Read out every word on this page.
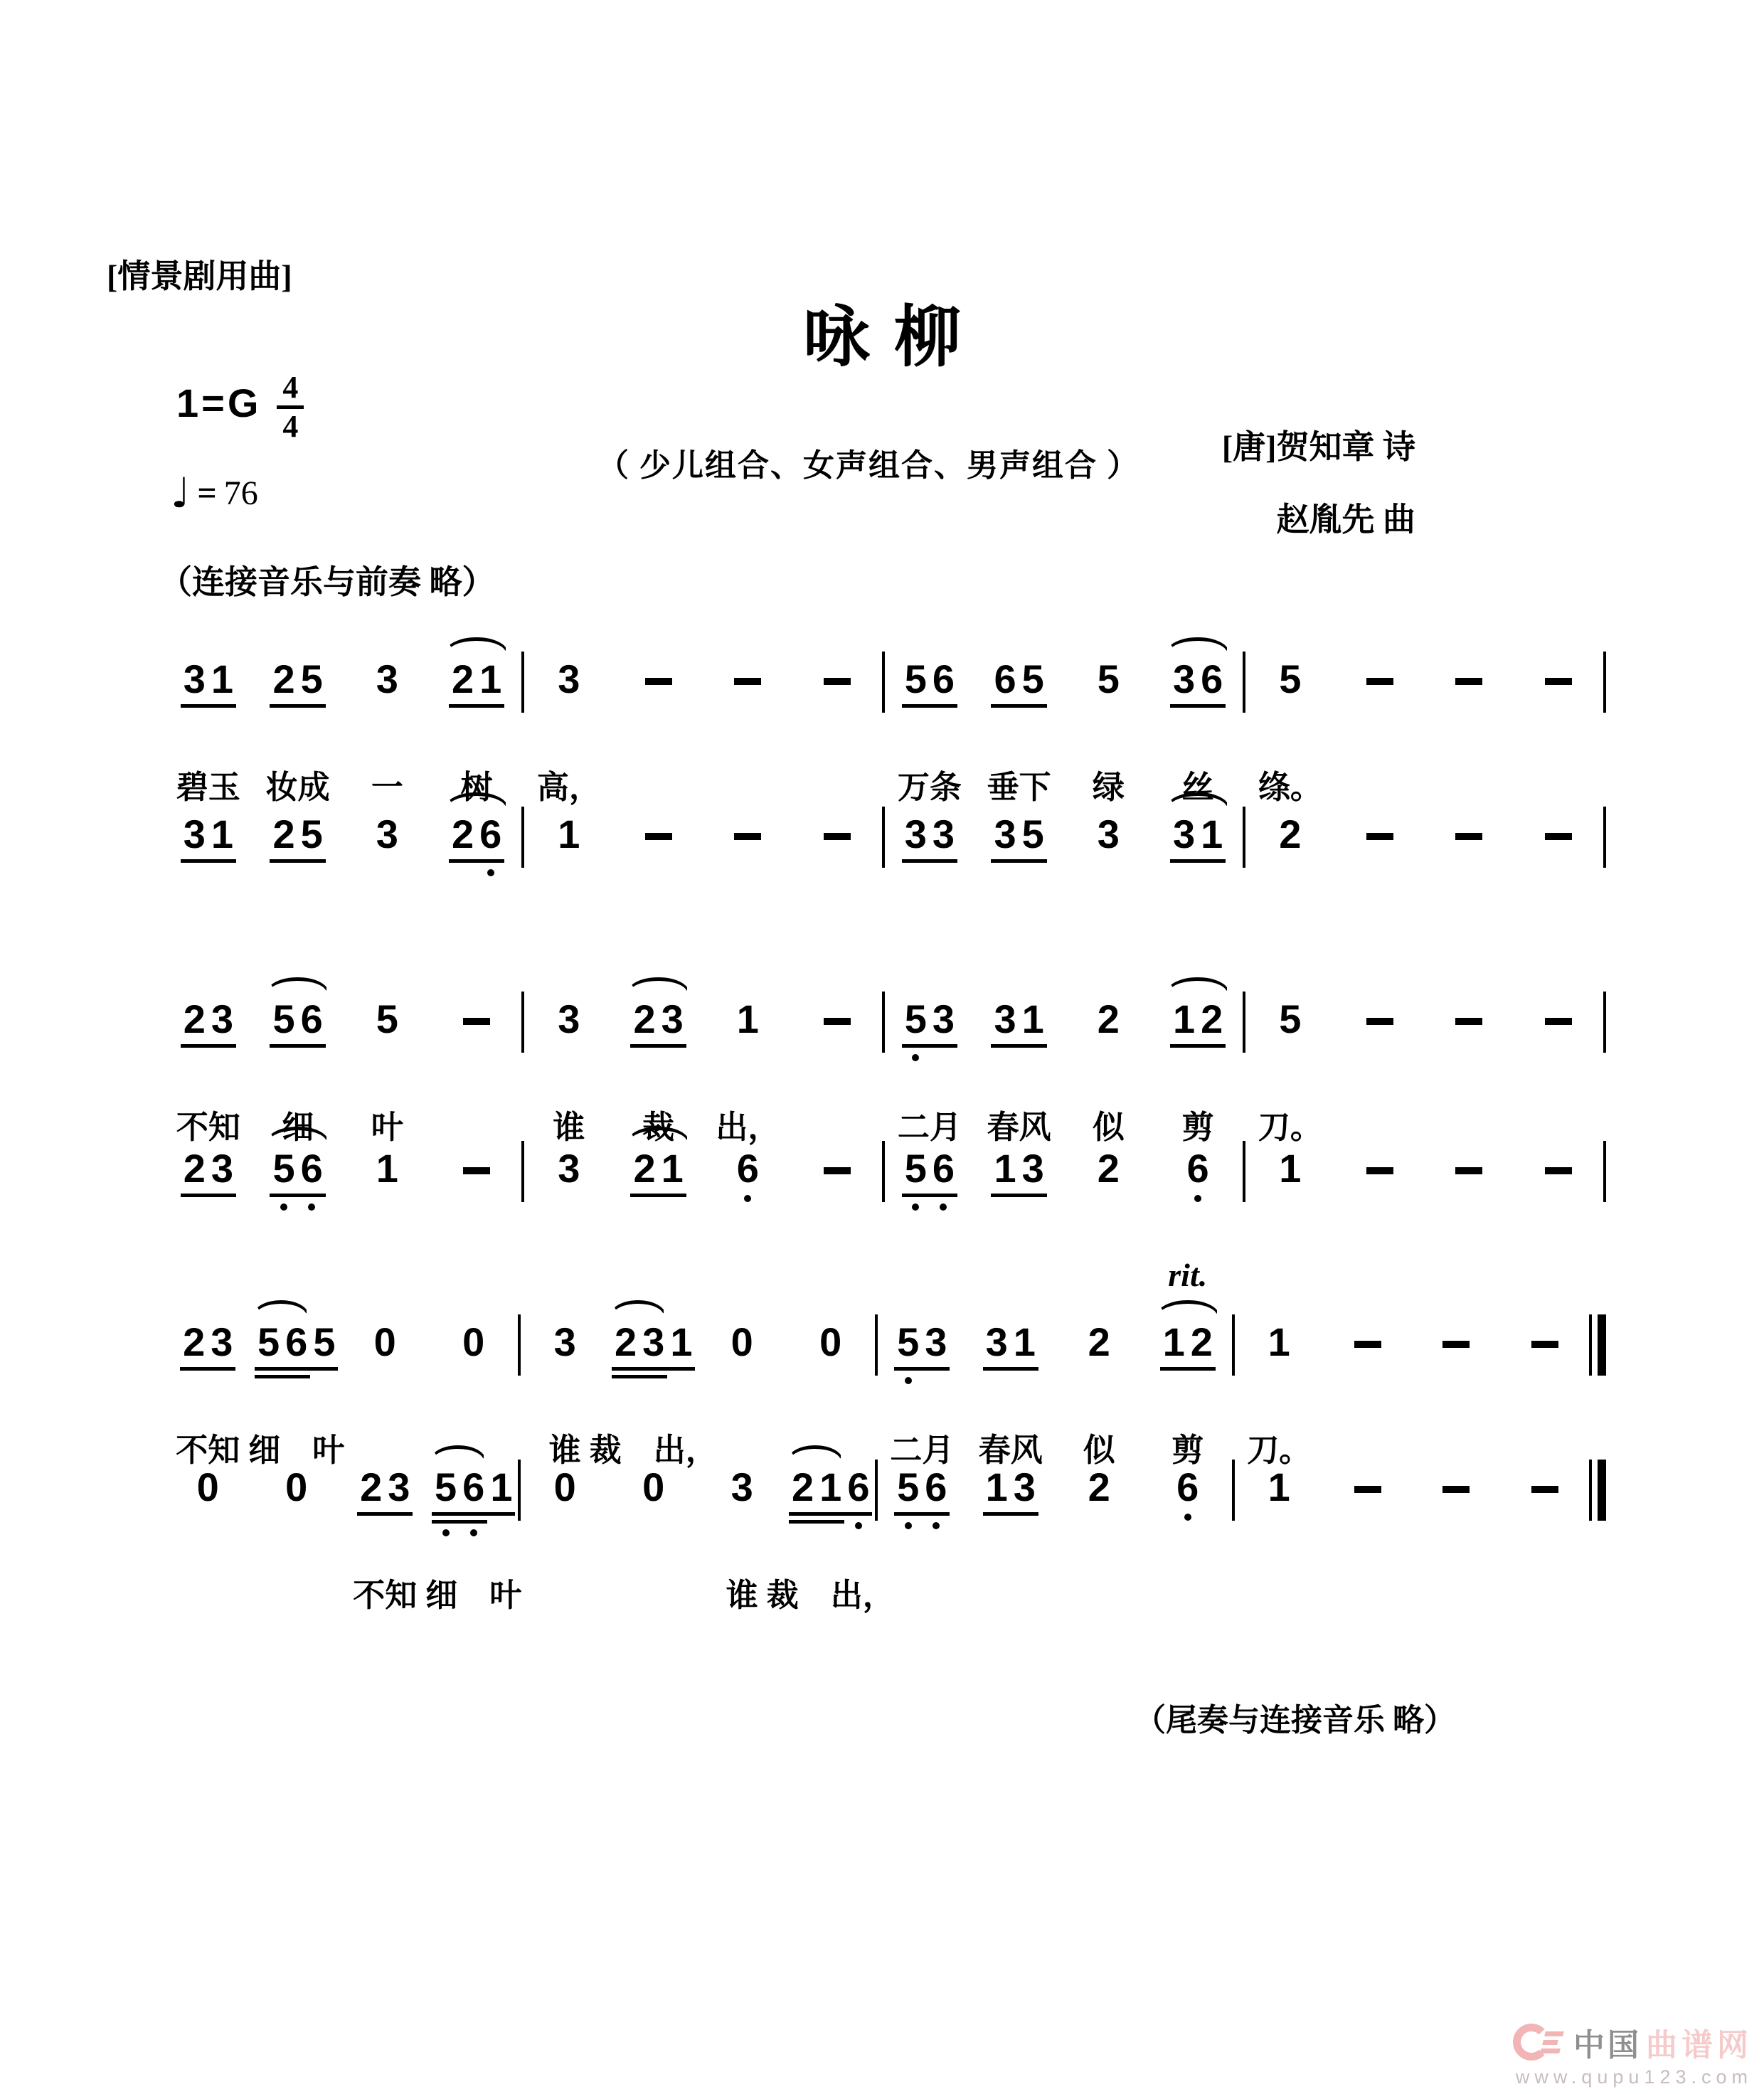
[情景剧用曲]
咏柳
$1=G \frac{4}{4}$
（ 少儿组合、女声组合、男声组合 ）
[唐]贺知章 诗
赵胤先 曲
♩ = 76
（连接音乐与前奏 略）
3 1
碧玉
2 5
妆成
3
一
2 1
树
3
高，
5 6
万条
6 5
垂下
5
绿
3 6
丝
5
绦。
3 1 2 5 3 2 6 1	3 3 3 5 3 3 1 2
2 3
不知
5 6
细
5
叶
3
谁
2 3
裁
1
出，
5 3
二月
3 1
春风
2
似
1 2
剪
5
刀。
2 3 5 6 1	3 2 1 6	5 6 1 3 2 6 1
2 3
不知
5 6 5
细　叶
0 0 3
谁
2 3 1
裁　出，
0 0 5 3
二月
3 1
春风
2
似
1 2
剪
rit.
1
刀。
0 0 2 3
不知
5 6 1
细　叶
0 0 3
谁
2 1 6
裁　出，
5 6 1 3 2 6 1
（尾奏与连接音乐 略）
中国 曲谱网
www.qupu123.com
